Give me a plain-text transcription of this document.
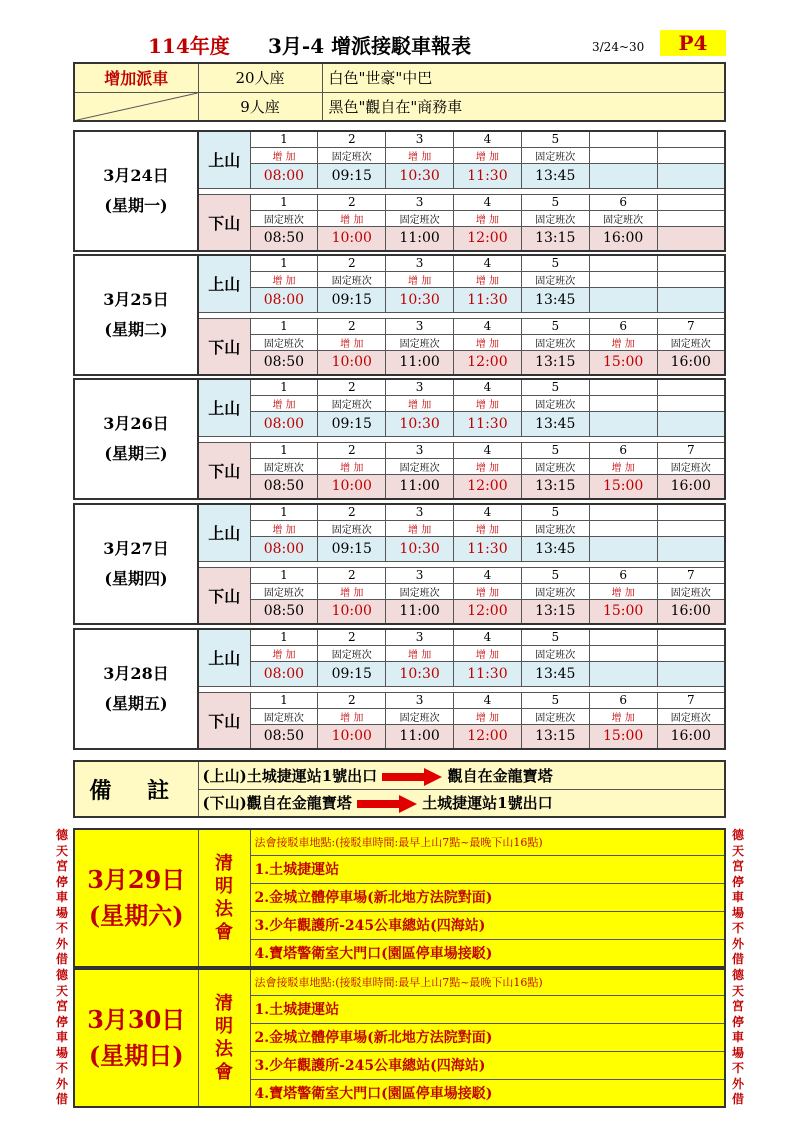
114年度 3月-4 增派接駁車報表	3/24~30	P4
增加派車	20人座	白色"世豪"中巴

	9人座	黑色"觀自在"商務車
3月24日
(星期一)	上山	1	2	3	4	5		
		增 加	固定班次	增 加	增 加	固定班次		
		08:00	09:15	10:30	11:30	13:45		

	下山	1	2	3	4	5	6	
		固定班次	增 加	固定班次	增 加	固定班次	固定班次	
		08:50	10:00	11:00	12:00	13:15	16:00	
3月25日
(星期二)	上山	1	2	3	4	5		
		增 加	固定班次	增 加	增 加	固定班次		
		08:00	09:15	10:30	11:30	13:45		

	下山	1	2	3	4	5	6	7
		固定班次	增 加	固定班次	增 加	固定班次	增 加	固定班次
		08:50	10:00	11:00	12:00	13:15	15:00	16:00
3月26日
(星期三)	上山	1	2	3	4	5		
		增 加	固定班次	增 加	增 加	固定班次		
		08:00	09:15	10:30	11:30	13:45		

	下山	1	2	3	4	5	6	7
		固定班次	增 加	固定班次	增 加	固定班次	增 加	固定班次
		08:50	10:00	11:00	12:00	13:15	15:00	16:00
3月27日
(星期四)	上山	1	2	3	4	5		
		增 加	固定班次	增 加	增 加	固定班次		
		08:00	09:15	10:30	11:30	13:45		

	下山	1	2	3	4	5	6	7
		固定班次	增 加	固定班次	增 加	固定班次	增 加	固定班次
		08:50	10:00	11:00	12:00	13:15	15:00	16:00
3月28日
(星期五)	上山	1	2	3	4	5		
		增 加	固定班次	增 加	增 加	固定班次		
		08:00	09:15	10:30	11:30	13:45		

	下山	1	2	3	4	5	6	7
		固定班次	增 加	固定班次	增 加	固定班次	增 加	固定班次
		08:50	10:00	11:00	12:00	13:15	15:00	16:00
備 註	(上山)土城捷運站1號出口	觀自在金龍寶塔
(下山)觀自在金龍寶塔	土城捷運站1號出口
3月29日
(星期六)

清
明
法
會
	法會接駁車地點:(接駁車時間:最早上山7點~最晚下山16點)
1.土城捷運站
2.金城立體停車場(新北地方法院對面)
3.少年觀護所-245公車總站(四海站)
4.寶塔警衛室大門口(園區停車場接駁)
3月30日
(星期日)

清
明
法
會
	法會接駁車地點:(接駁車時間:最早上山7點~最晚下山16點)
1.土城捷運站
2.金城立體停車場(新北地方法院對面)
3.少年觀護所-245公車總站(四海站)
4.寶塔警衛室大門口(園區停車場接駁)
德天宮停車場不外借
德天宮停車場不外借
德天宮停車場不外借
德天宮停車場不外借
